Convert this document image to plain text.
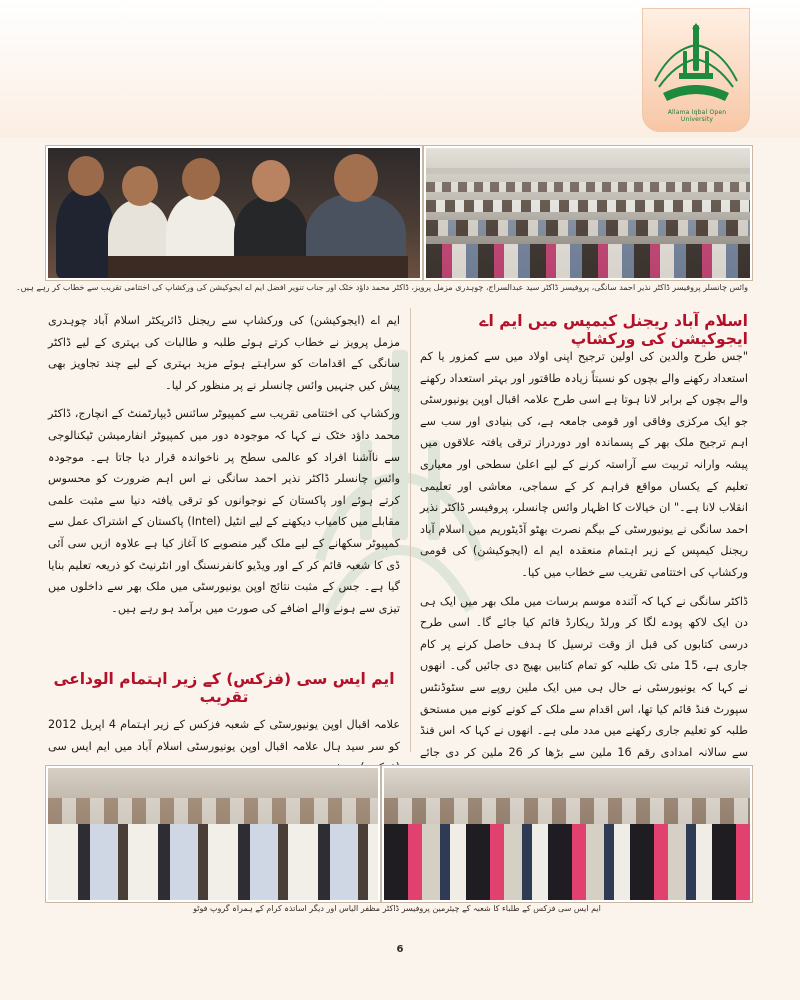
Allama Iqbal Open University
وائس چانسلر پروفیسر ڈاکٹر نذیر احمد سانگی، پروفیسر ڈاکٹر سید عبدالسراج، چوہدری مزمل پرویز، ڈاکٹر محمد داؤد خٹک اور جناب تنویر افضل ایم اے ایجوکیشن کی ورکشاپ کی اختتامی تقریب سے خطاب کر رہے ہیں۔
اسلام آباد ریجنل کیمپس میں ایم اے ایجوکیشن کی ورکشاپ

"جس طرح والدین کی اولین ترجیح اپنی اولاد میں سے کمزور یا کم استعداد رکھنے والے بچوں کو نسبتاً زیادہ طاقتور اور بہتر استعداد رکھنے والے بچوں کے برابر لانا ہوتا ہے اسی طرح علامہ اقبال اوپن یونیورسٹی جو ایک مرکزی وفاقی اور قومی جامعہ ہے، کی بنیادی اور سب سے اہم ترجیح ملک بھر کے پسماندہ اور دوردراز ترقی یافتہ علاقوں میں پیشہ وارانہ تربیت سے آراستہ کرنے کے لیے اعلیٰ سطحی اور معیاری تعلیم کے یکساں مواقع فراہم کر کے سماجی، معاشی اور تعلیمی انقلاب لانا ہے۔" ان خیالات کا اظہار وائس چانسلر، پروفیسر ڈاکٹر نذیر احمد سانگی نے یونیورسٹی کے بیگم نصرت بھٹو آڈیٹوریم میں اسلام آباد ریجنل کیمپس کے زیر اہتمام منعقدہ ایم اے (ایجوکیشن) کی قومی ورکشاپ کی اختتامی تقریب سے خطاب میں کیا۔

ڈاکٹر سانگی نے کہا کہ آئندہ موسم برسات میں ملک بھر میں ایک ہی دن ایک لاکھ پودے لگا کر ورلڈ ریکارڈ قائم کیا جائے گا۔ اسی طرح درسی کتابوں کی قبل از وقت ترسیل کا ہدف حاصل کرنے پر کام جاری ہے، 15 مئی تک طلبہ کو تمام کتابیں بھیج دی جائیں گی۔ انھوں نے کہا کہ یونیورسٹی نے حال ہی میں ایک ملین روپے سے سٹوڈنٹس سپورٹ فنڈ قائم کیا تھا، اس اقدام سے ملک کے کونے کونے میں مستحق طلبہ کو تعلیم جاری رکھنے میں مدد ملی ہے۔ انھوں نے کہا کہ اس فنڈ سے سالانہ امدادی رقم 16 ملین سے بڑھا کر 26 ملین کر دی جائے

ایم اے (ایجوکیشن) کی ورکشاپ سے ریجنل ڈائریکٹر اسلام آباد چوہدری مزمل پرویز نے خطاب کرتے ہوئے طلبہ و طالبات کی بہتری کے لیے ڈاکٹر سانگی کے اقدامات کو سراہتے ہوئے مزید بہتری کے لیے چند تجاویز بھی پیش کیں جنہیں وائس چانسلر نے پر منظور کر لیا۔

ورکشاپ کی اختتامی تقریب سے کمپیوٹر سائنس ڈیپارٹمنٹ کے انچارج، ڈاکٹر محمد داؤد خٹک نے کہا کہ موجودہ دور میں کمپیوٹر انفارمیشن ٹیکنالوجی سے ناآشنا افراد کو عالمی سطح پر ناخواندہ قرار دیا جاتا ہے۔ موجودہ وائس چانسلر ڈاکٹر نذیر احمد سانگی نے اس اہم ضرورت کو محسوس کرتے ہوئے اور پاکستان کے نوجوانوں کو ترقی یافتہ دنیا سے مثبت علمی مقابلے میں کامیاب دیکھنے کے لیے انٹیل (Intel) پاکستان کے اشتراک عمل سے کمپیوٹر سکھانے کے لیے ملک گیر منصوبے کا آغاز کیا ہے علاوہ ازیں سی آئی ڈی کا شعبہ قائم کر کے اور ویڈیو کانفرنسنگ اور انٹرنیٹ کو ذریعہ تعلیم بنایا گیا ہے۔ جس کے مثبت نتائج اوپن یونیورسٹی میں ملک بھر سے داخلوں میں تیزی سے ہونے والے اضافے کی صورت میں برآمد ہو رہے ہیں۔

ایم ایس سی (فزکس) کے زیر اہتمام الوداعی تقریب

علامہ اقبال اوپن یونیورسٹی کے شعبہ فزکس کے زیر اہتمام 4 اپریل 2012 کو سر سید ہال علامہ اقبال اوپن یونیورسٹی اسلام آباد میں ایم ایس سی (فزکس)

ایم ایس سی فزکس کے طلباء کا شعبہ کے چیئرمین پروفیسر ڈاکٹر مظفر الیاس اور دیگر اساتذہ کرام کے ہمراہ گروپ فوٹو
6
